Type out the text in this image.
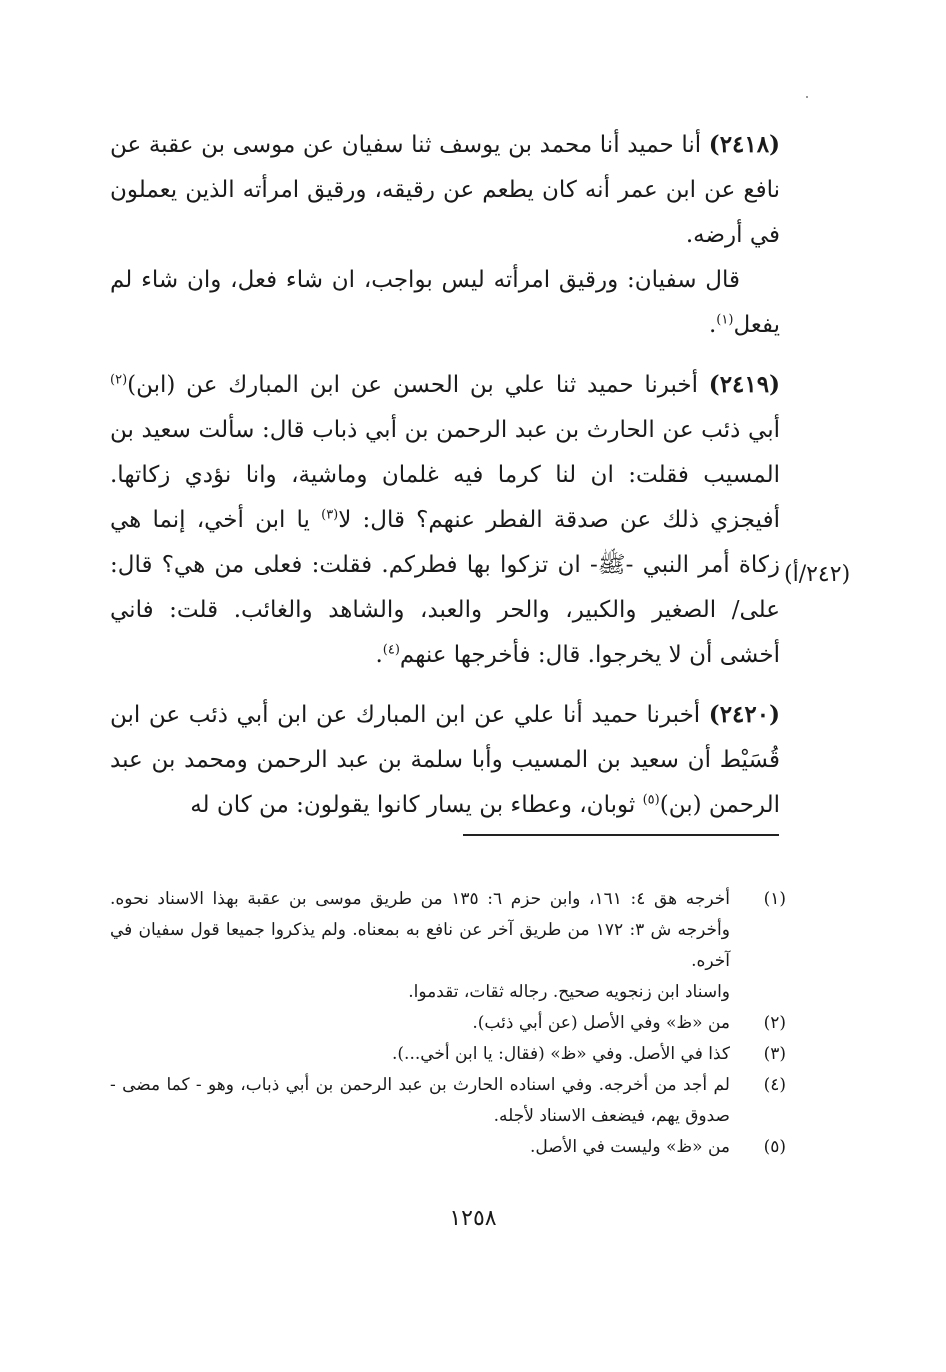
(٢٤١٨) أنا حميد أنا محمد بن يوسف ثنا سفيان عن موسى بن عقبة عن نافع عن ابن عمر أنه كان يطعم عن رقيقه، ورقيق امرأته الذين يعملون في أرضه.

قال سفيان: ورقيق امرأته ليس بواجب، ان شاء فعل، وان شاء لم يفعل$^{(١)}$.

(٢٤١٩) أخبرنا حميد ثنا علي بن الحسن عن ابن المبارك عن (ابن)$^{(٢)}$ أبي ذئب عن الحارث بن عبد الرحمن بن أبي ذباب قال: سألت سعيد بن المسيب فقلت: ان لنا كرما فيه غلمان وماشية، وانا نؤدي زكاتها. أفيجزي ذلك عن صدقة الفطر عنهم؟ قال: لا$^{(٣)}$ يا ابن أخي، إنما هي زكاة أمر النبي -ﷺ- ان تزكوا بها فطركم. فقلت: فعلى من هي؟ قال: على/ الصغير والكبير، والحر والعبد، والشاهد والغائب. قلت: فاني أخشى أن لا يخرجوا. قال: فأخرجها عنهم$^{(٤)}$.

(٢٤٢٠) أخبرنا حميد أنا علي عن ابن المبارك عن ابن أبي ذئب عن ابن قُسَيْط أن سعيد بن المسيب وأبا سلمة بن عبد الرحمن ومحمد بن عبد الرحمن (بن)$^{(٥)}$ ثوبان، وعطاء بن يسار كانوا يقولون: من كان له

(٢٤٢/أ)
(١)
أخرجه هق ٤: ١٦١، وابن حزم ٦: ١٣٥ من طريق موسى بن عقبة بهذا الاسناد نحوه. وأخرجه ش ٣: ١٧٢ من طريق آخر عن نافع به بمعناه. ولم يذكروا جميعا قول سفيان في آخره.
واسناد ابن زنجويه صحيح. رجاله ثقات، تقدموا.
(٢)
من «ظ» وفي الأصل (عن أبي ذئب).
(٣)
كذا في الأصل. وفي «ظ» (فقال: يا ابن أخي...).
(٤)
لم أجد من أخرجه. وفي اسناده الحارث بن عبد الرحمن بن أبي ذباب، وهو - كما مضى - صدوق يهم، فيضعف الاسناد لأجله.
(٥)
من «ظ» وليست في الأصل.
١٢٥٨
